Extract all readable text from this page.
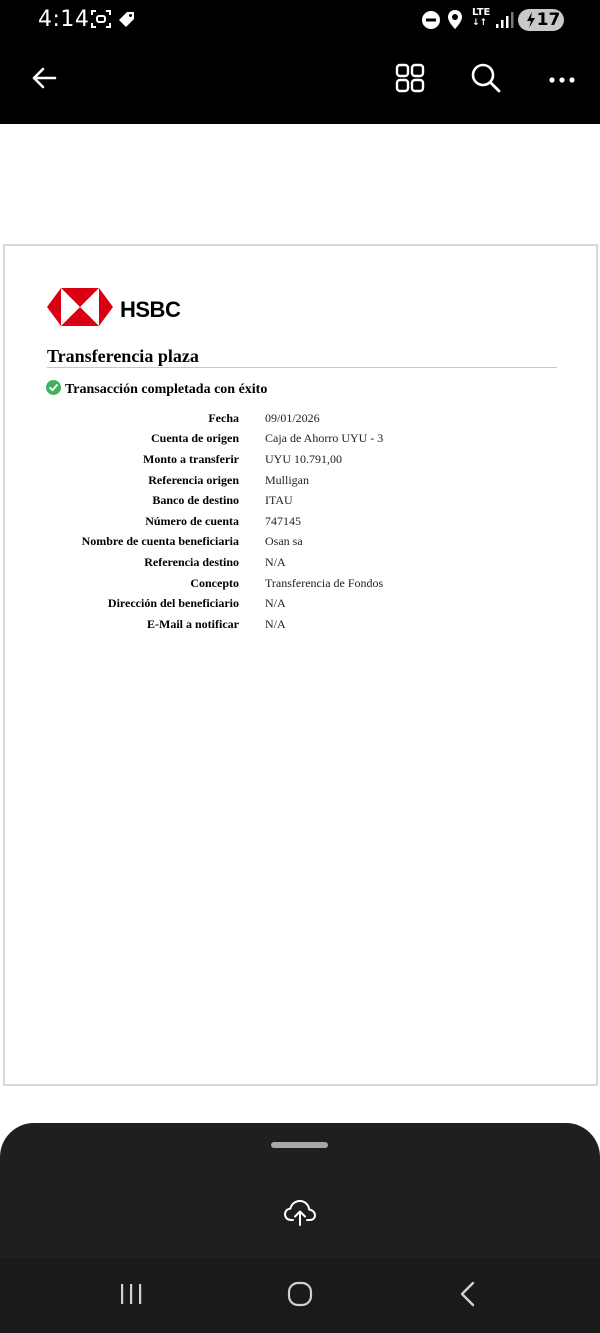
4:14	LTE
↓↑	17
HSBC
Transferencia plaza
Transacción completada con éxito
Fecha 09/01/2026
Cuenta de origen Caja de Ahorro UYU - 3
Monto a transferir UYU 10.791,00
Referencia origen Mulligan
Banco de destino ITAU
Número de cuenta 747145
Nombre de cuenta beneficiaria Osan sa
Referencia destino N/A
Concepto Transferencia de Fondos
Dirección del beneficiario N/A
E-Mail a notificar N/A
